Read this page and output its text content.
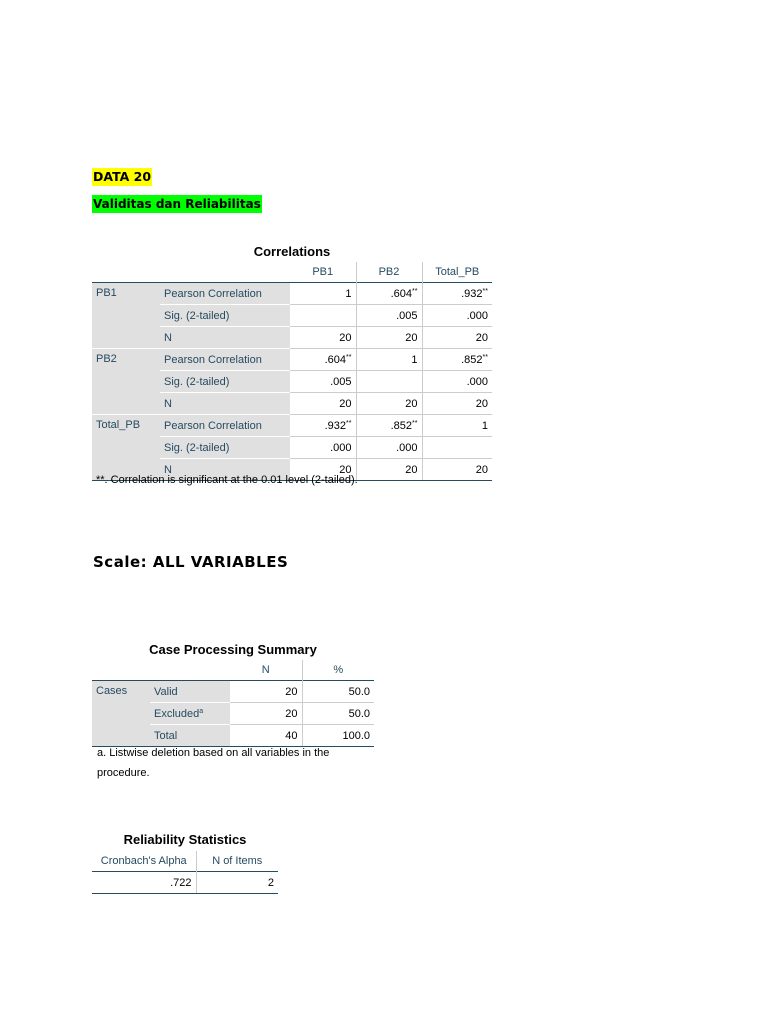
DATA 20
Validitas dan Reliabilitas
Correlations
		PB1	PB2	Total_PB
PB1	Pearson Correlation	1	.604**	.932**
	Sig. (2-tailed)		.005	.000
	N	20	20	20
PB2	Pearson Correlation	.604**	1	.852**
	Sig. (2-tailed)	.005		.000
	N	20	20	20
Total_PB	Pearson Correlation	.932**	.852**	1
	Sig. (2-tailed)	.000	.000	
	N	20	20	20
**. Correlation is significant at the 0.01 level (2-tailed).
Scale: ALL VARIABLES
Case Processing Summary
		N	%
Cases	Valid	20	50.0
	Excluded$^a$	20	50.0
	Total	40	100.0
a. Listwise deletion based on all variables in the
procedure.
Reliability Statistics
Cronbach's Alpha	N of Items
.722	2
